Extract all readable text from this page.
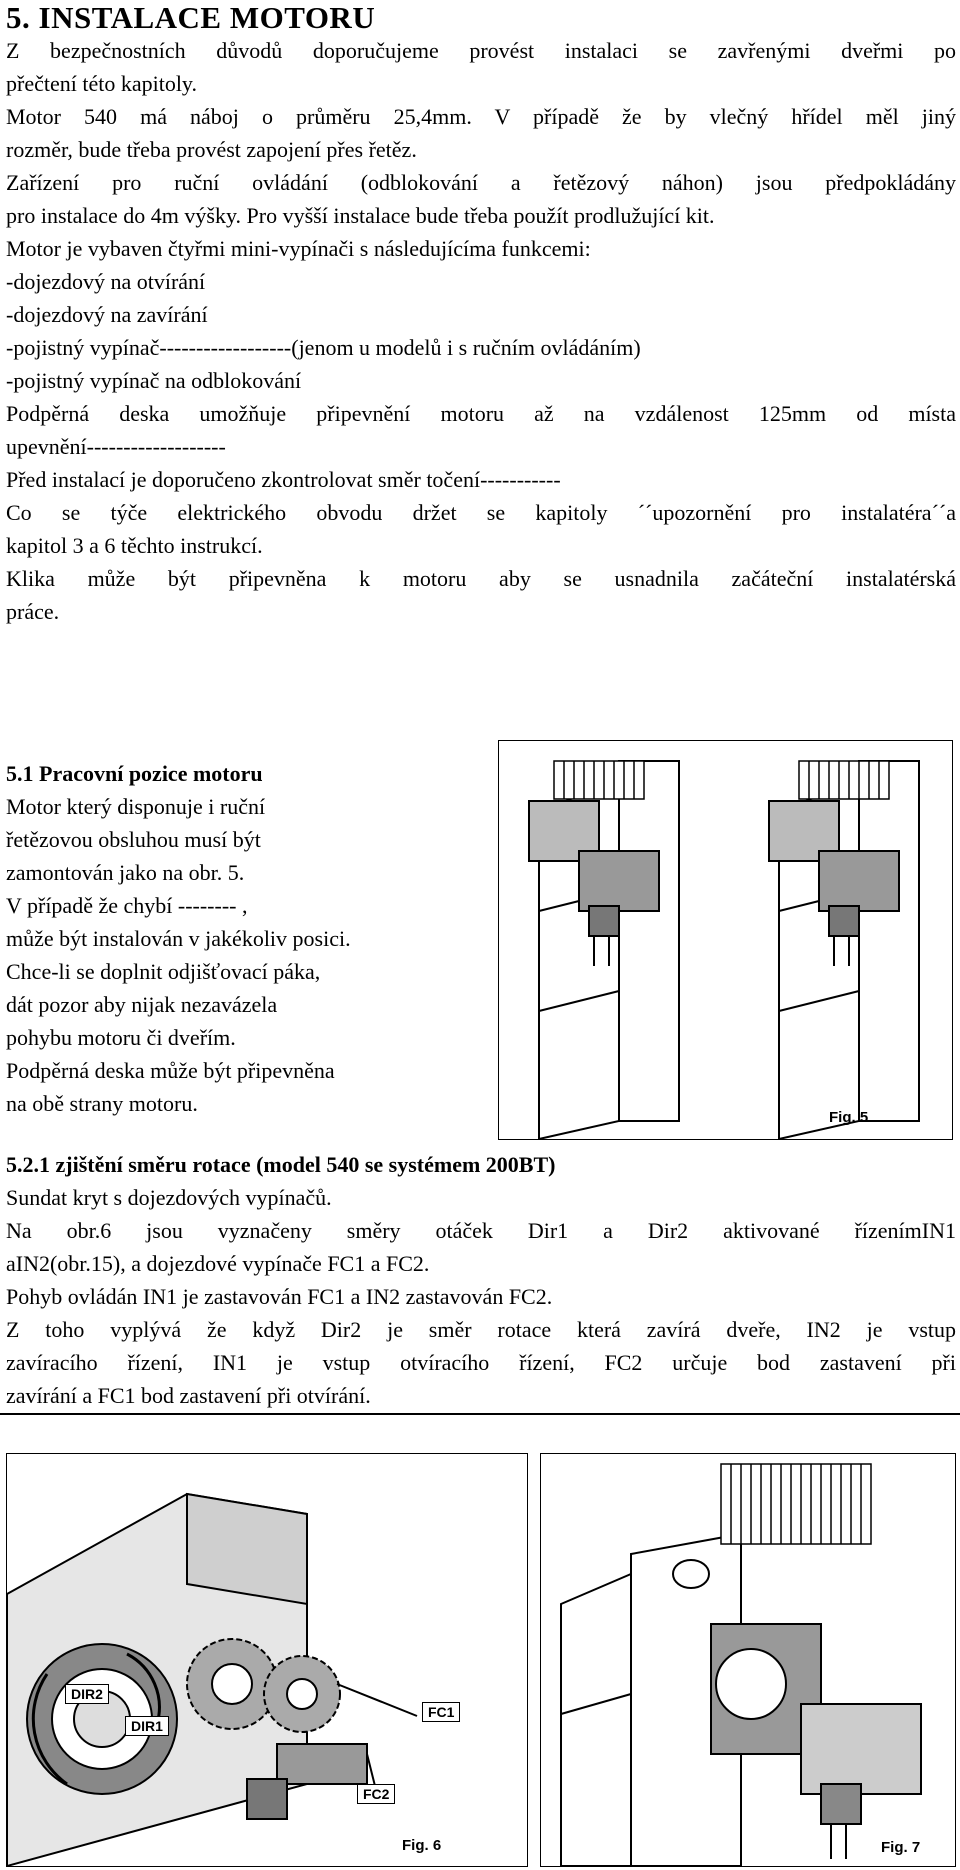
5. INSTALACE MOTORU
Z bezpečnostních důvodů doporučujeme provést instalaci se zavřenými dveřmi po
přečtení této kapitoly.
Motor 540 má náboj o průměru 25,4mm. V případě že by vlečný hřídel měl jiný
rozměr, bude třeba provést zapojení přes řetěz.
Zařízení pro ruční ovládání (odblokování a řetězový náhon) jsou předpokládány
pro instalace do 4m výšky. Pro vyšší instalace bude třeba použít prodlužující kit.
Motor je vybaven čtyřmi mini-vypínači s následujícíma funkcemi:
-dojezdový na otvírání
-dojezdový na zavírání
-pojistný vypínač------------------(jenom u modelů i s ručním ovládáním)
-pojistný vypínač na odblokování
Podpěrná deska umožňuje připevnění motoru až na vzdálenost 125mm od místa
upevnění-------------------
Před instalací je doporučeno zkontrolovat směr točení-----------
Co se týče elektrického obvodu držet se kapitoly ´´upozornění pro instalatéra´´a
kapitol 3 a 6 těchto instrukcí.
Klika může být připevněna k motoru aby se usnadnila začáteční instalatérská
práce.
5.1 Pracovní pozice motoru
Motor který disponuje i ruční
řetězovou obsluhou musí být
zamontován jako na obr. 5.
V případě že chybí -------- ,
může být instalován v jakékoliv posici.
Chce-li se doplnit odjišťovací páka,
dát pozor aby nijak nezavázela
pohybu motoru či dveřím.
Podpěrná deska může být připevněna
na obě strany motoru.
Fig. 5
5.2.1 zjištění směru rotace (model 540 se systémem 200BT)
Sundat kryt s dojezdových vypínačů.
Na obr.6 jsou vyznačeny směry otáček Dir1 a Dir2 aktivované řízenímIN1
aIN2(obr.15), a dojezdové vypínače FC1 a FC2.
Pohyb ovládán IN1 je zastavován FC1 a IN2 zastavován FC2.
Z toho vyplývá že když Dir2 je směr rotace která zavírá dveře, IN2 je vstup
zavíracího řízení, IN1 je vstup otvíracího řízení, FC2 určuje bod zastavení při
zavírání a FC1 bod zastavení při otvírání.
DIR2
DIR1
FC1
FC2
Fig. 6	Fig. 7
